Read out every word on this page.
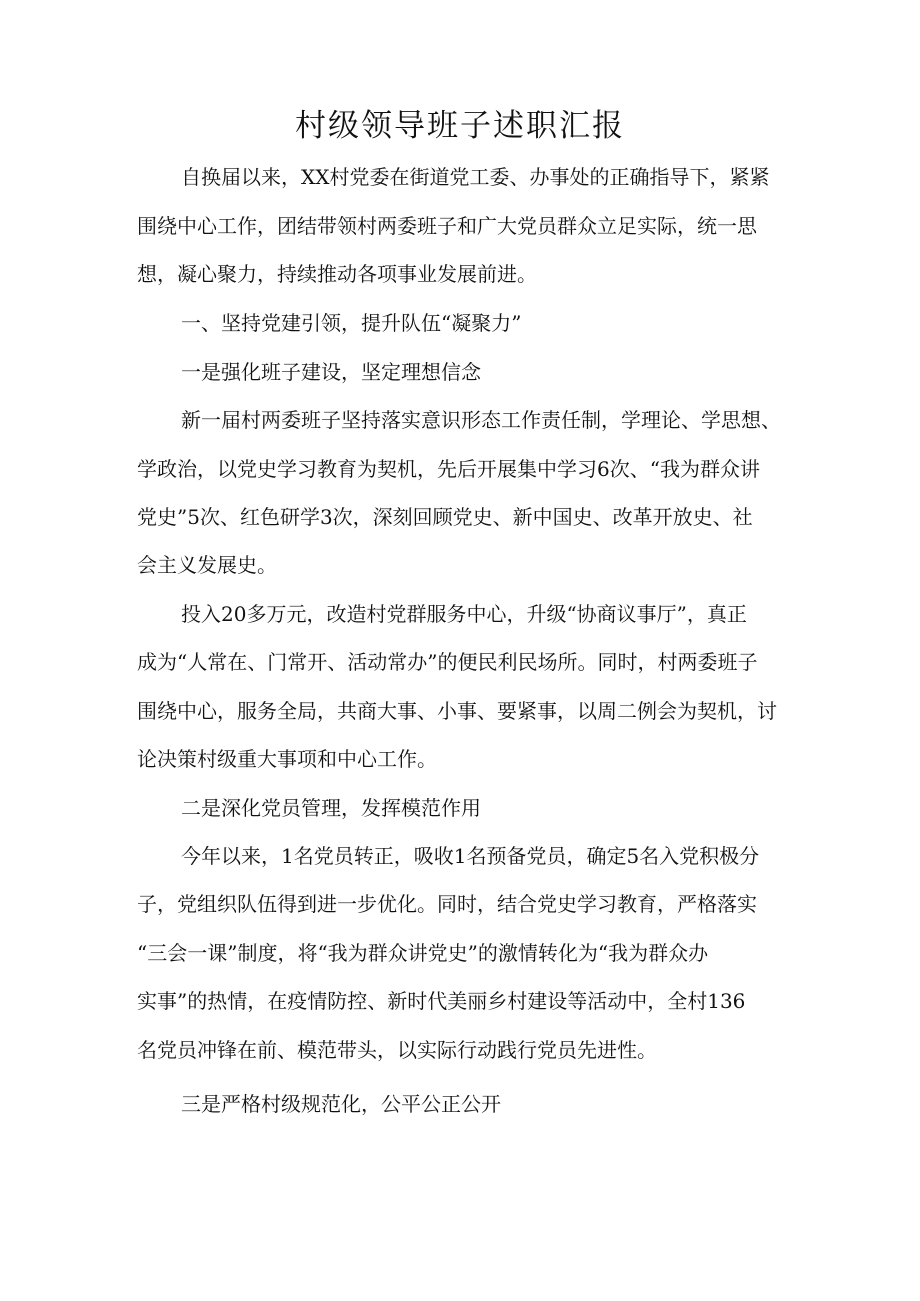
村级领导班子述职汇报
自换届以来，XX村党委在街道党工委、办事处的正确指导下，紧紧
围绕中心工作，团结带领村两委班子和广大党员群众立足实际，统一思
想，凝心聚力，持续推动各项事业发展前进。
一、坚持党建引领，提升队伍“凝聚力”
一是强化班子建设，坚定理想信念
新一届村两委班子坚持落实意识形态工作责任制，学理论、学思想、
学政治，以党史学习教育为契机，先后开展集中学习6次、“我为群众讲
党史”5次、红色研学3次，深刻回顾党史、新中国史、改革开放史、社
会主义发展史。
投入20多万元，改造村党群服务中心，升级“协商议事厅”，真正
成为“人常在、门常开、活动常办”的便民利民场所。同时，村两委班子
围绕中心，服务全局，共商大事、小事、要紧事，以周二例会为契机，讨
论决策村级重大事项和中心工作。
二是深化党员管理，发挥模范作用
今年以来，1名党员转正，吸收1名预备党员，确定5名入党积极分
子，党组织队伍得到进一步优化。同时，结合党史学习教育，严格落实
“三会一课”制度，将“我为群众讲党史”的激情转化为“我为群众办
实事”的热情，在疫情防控、新时代美丽乡村建设等活动中，全村136
名党员冲锋在前、模范带头，以实际行动践行党员先进性。
三是严格村级规范化，公平公正公开
